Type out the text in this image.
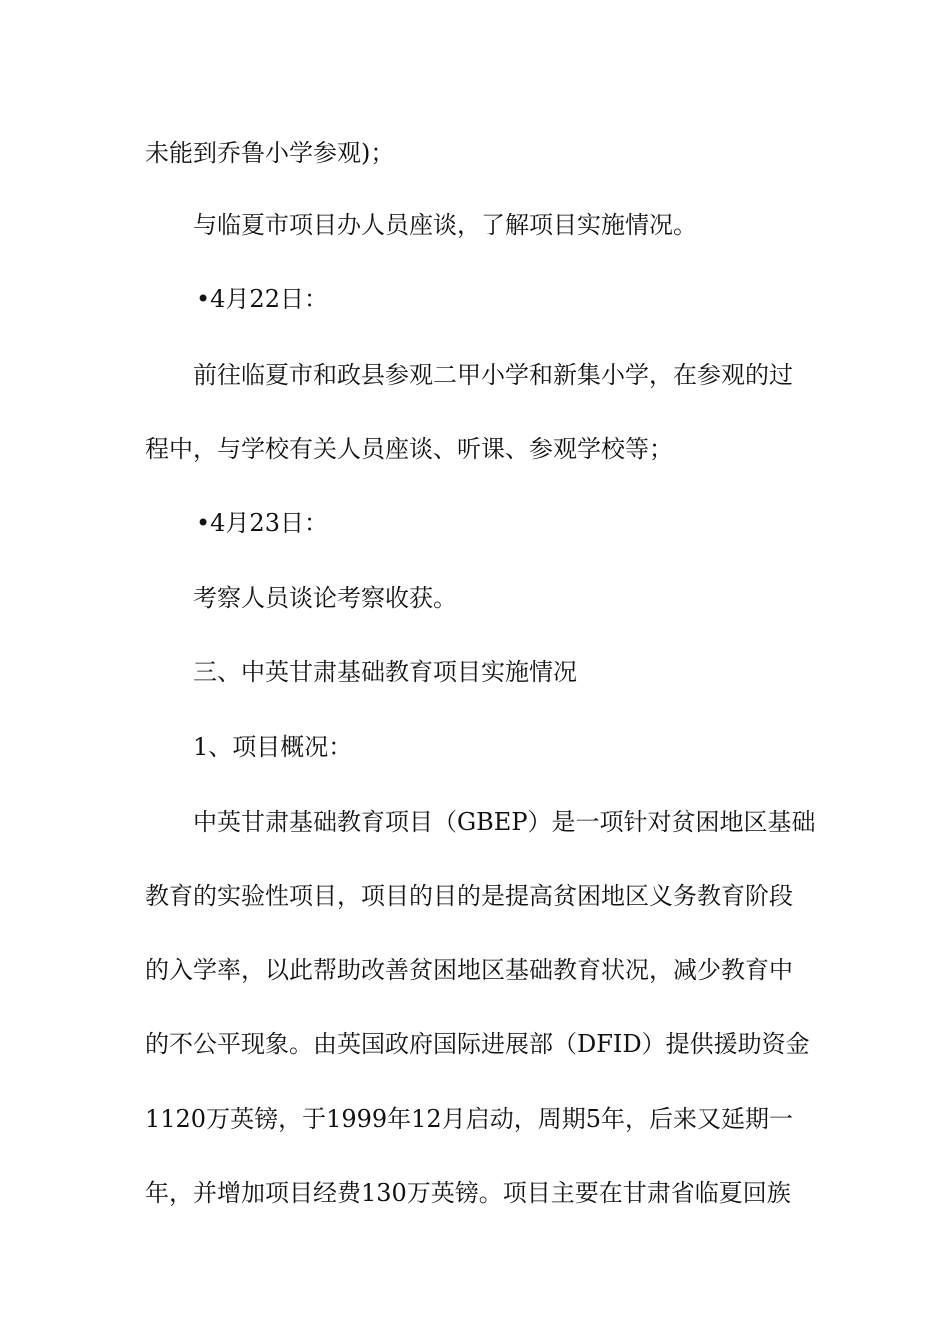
未能到乔鲁小学参观)；
与临夏市项目办人员座谈，了解项目实施情况。
•4月22日：
前往临夏市和政县参观二甲小学和新集小学，在参观的过
程中，与学校有关人员座谈、听课、参观学校等；
•4月23日：
考察人员谈论考察收获。
三、中英甘肃基础教育项目实施情况
1、项目概况：
中英甘肃基础教育项目（GBEP）是一项针对贫困地区基础
教育的实验性项目，项目的目的是提高贫困地区义务教育阶段
的入学率，以此帮助改善贫困地区基础教育状况，减少教育中
的不公平现象。由英国政府国际进展部（DFID）提供援助资金
1120万英镑，于1999年12月启动，周期5年，后来又延期一
年，并增加项目经费130万英镑。项目主要在甘肃省临夏回族
